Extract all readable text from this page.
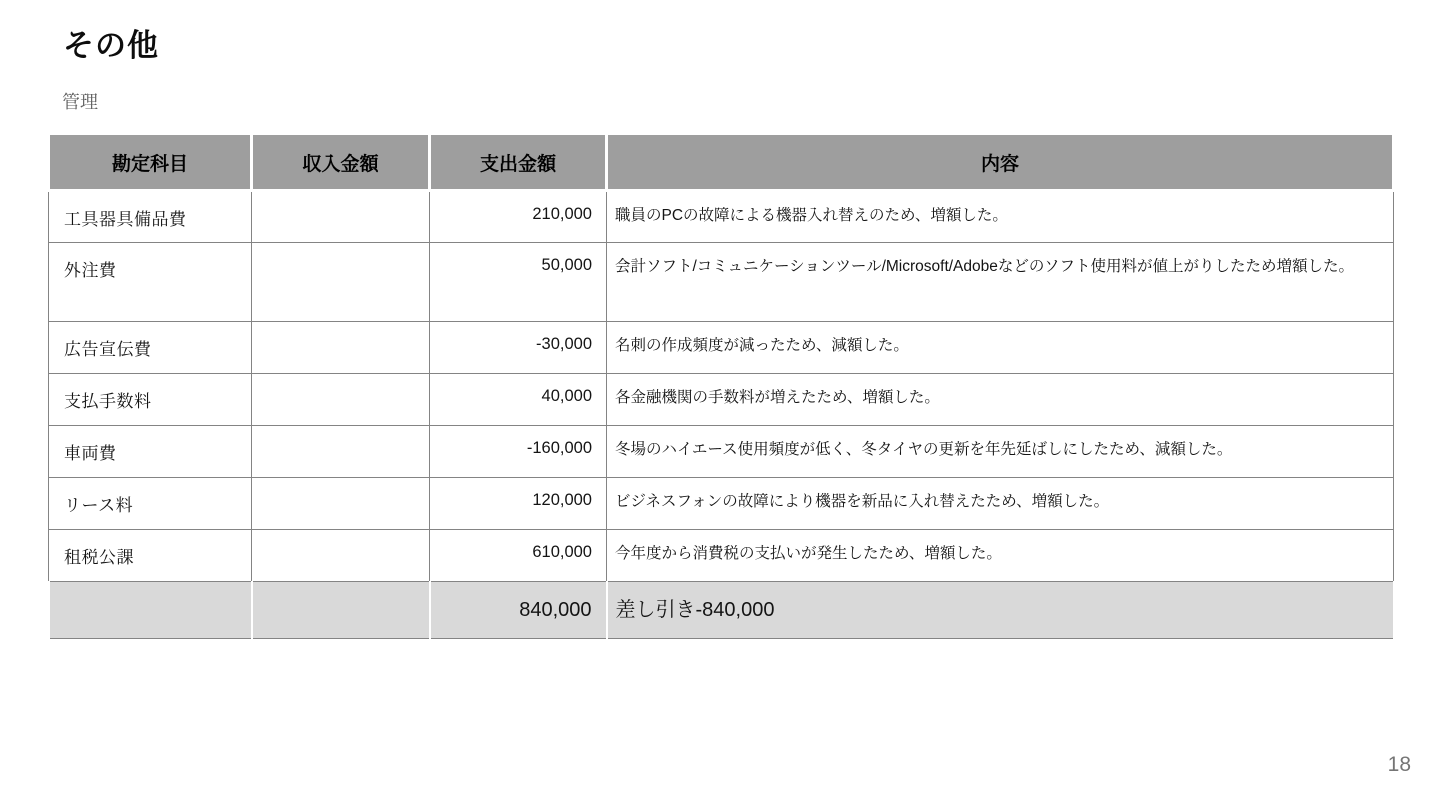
その他
管理
勘定科目	収入金額	支出金額	内容
工具器具備品費		210,000	職員のPCの故障による機器入れ替えのため、増額した。
外注費		50,000	会計ソフト/コミュニケーションツール/Microsoft/Adobeなどのソフト使用料が値上がりしたため増額した。
広告宣伝費		-30,000	名刺の作成頻度が減ったため、減額した。
支払手数料		40,000	各金融機関の手数料が増えたため、増額した。
車両費		-160,000	冬場のハイエース使用頻度が低く、冬タイヤの更新を年先延ばしにしたため、減額した。
リース料		120,000	ビジネスフォンの故障により機器を新品に入れ替えたため、増額した。
租税公課		610,000	今年度から消費税の支払いが発生したため、増額した。
		840,000	差し引き-840,000
18
